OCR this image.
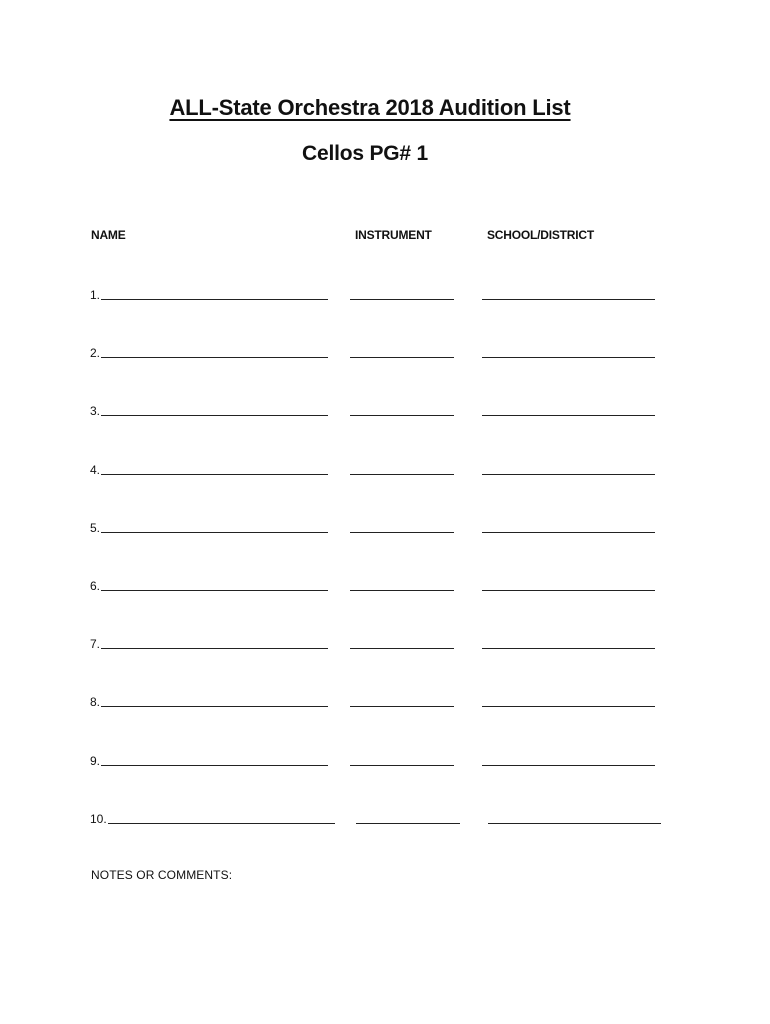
ALL-State Orchestra 2018 Audition List
Cellos PG# 1
NAME	INSTRUMENT	SCHOOL/DISTRICT
1.
2.
3.
4.
5.
6.
7.
8.
9.
10.
NOTES OR COMMENTS:
